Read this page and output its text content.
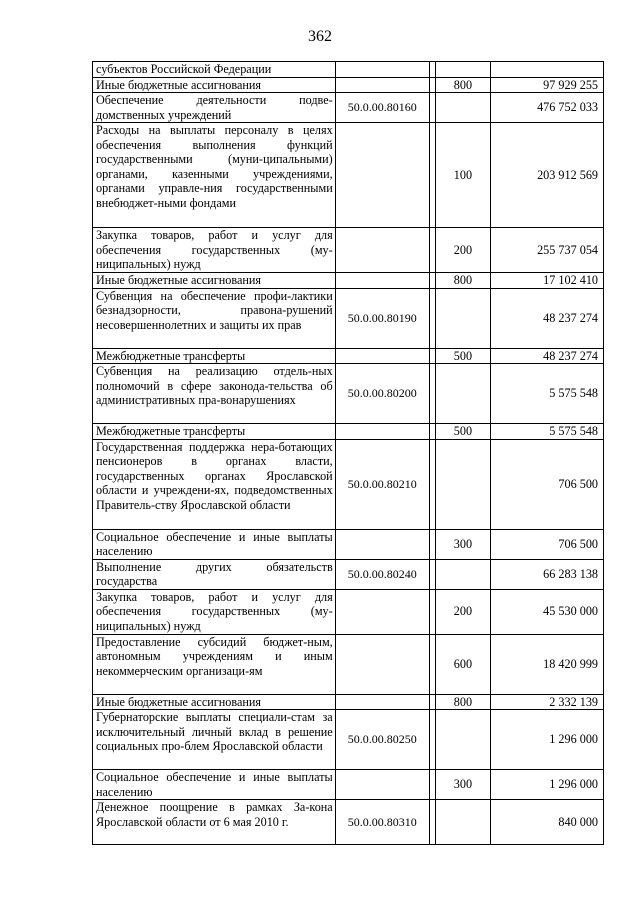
362
субъектов Российской Федерации				
Иные бюджетные ассигнования			800	97 929 255
Обеспечение деятельности подве-домственных учреждений	50.0.00.80160			476 752 033
Расходы на выплаты персоналу в целях обеспечения выполнения функций государственными (муни-ципальными) органами, казенными учреждениями, органами управле-ния государственными внебюджет-ными фондами			100	203 912 569
Закупка товаров, работ и услуг для обеспечения государственных (му-ниципальных) нужд			200	255 737 054
Иные бюджетные ассигнования			800	17 102 410
Субвенция на обеспечение профи-лактики безнадзорности, правона-рушений несовершеннолетних и защиты их прав	50.0.00.80190			48 237 274
Межбюджетные трансферты			500	48 237 274
Субвенция на реализацию отдель-ных полномочий в сфере законода-тельства об административных пра-вонарушениях	50.0.00.80200			5 575 548
Межбюджетные трансферты			500	5 575 548
Государственная поддержка нера-ботающих пенсионеров в органах власти, государственных органах Ярославской области и учреждени-ях, подведомственных Правитель-ству Ярославской области	50.0.00.80210			706 500
Социальное обеспечение и иные выплаты населению			300	706 500
Выполнение других обязательств государства	50.0.00.80240			66 283 138
Закупка товаров, работ и услуг для обеспечения государственных (му-ниципальных) нужд			200	45 530 000
Предоставление субсидий бюджет-ным, автономным учреждениям и иным некоммерческим организаци-ям			600	18 420 999
Иные бюджетные ассигнования			800	2 332 139
Губернаторские выплаты специали-стам за исключительный личный вклад в решение социальных про-блем Ярославской области	50.0.00.80250			1 296 000
Социальное обеспечение и иные выплаты населению			300	1 296 000
Денежное поощрение в рамках За-кона Ярославской области от 6 мая 2010 г.	50.0.00.80310			840 000
